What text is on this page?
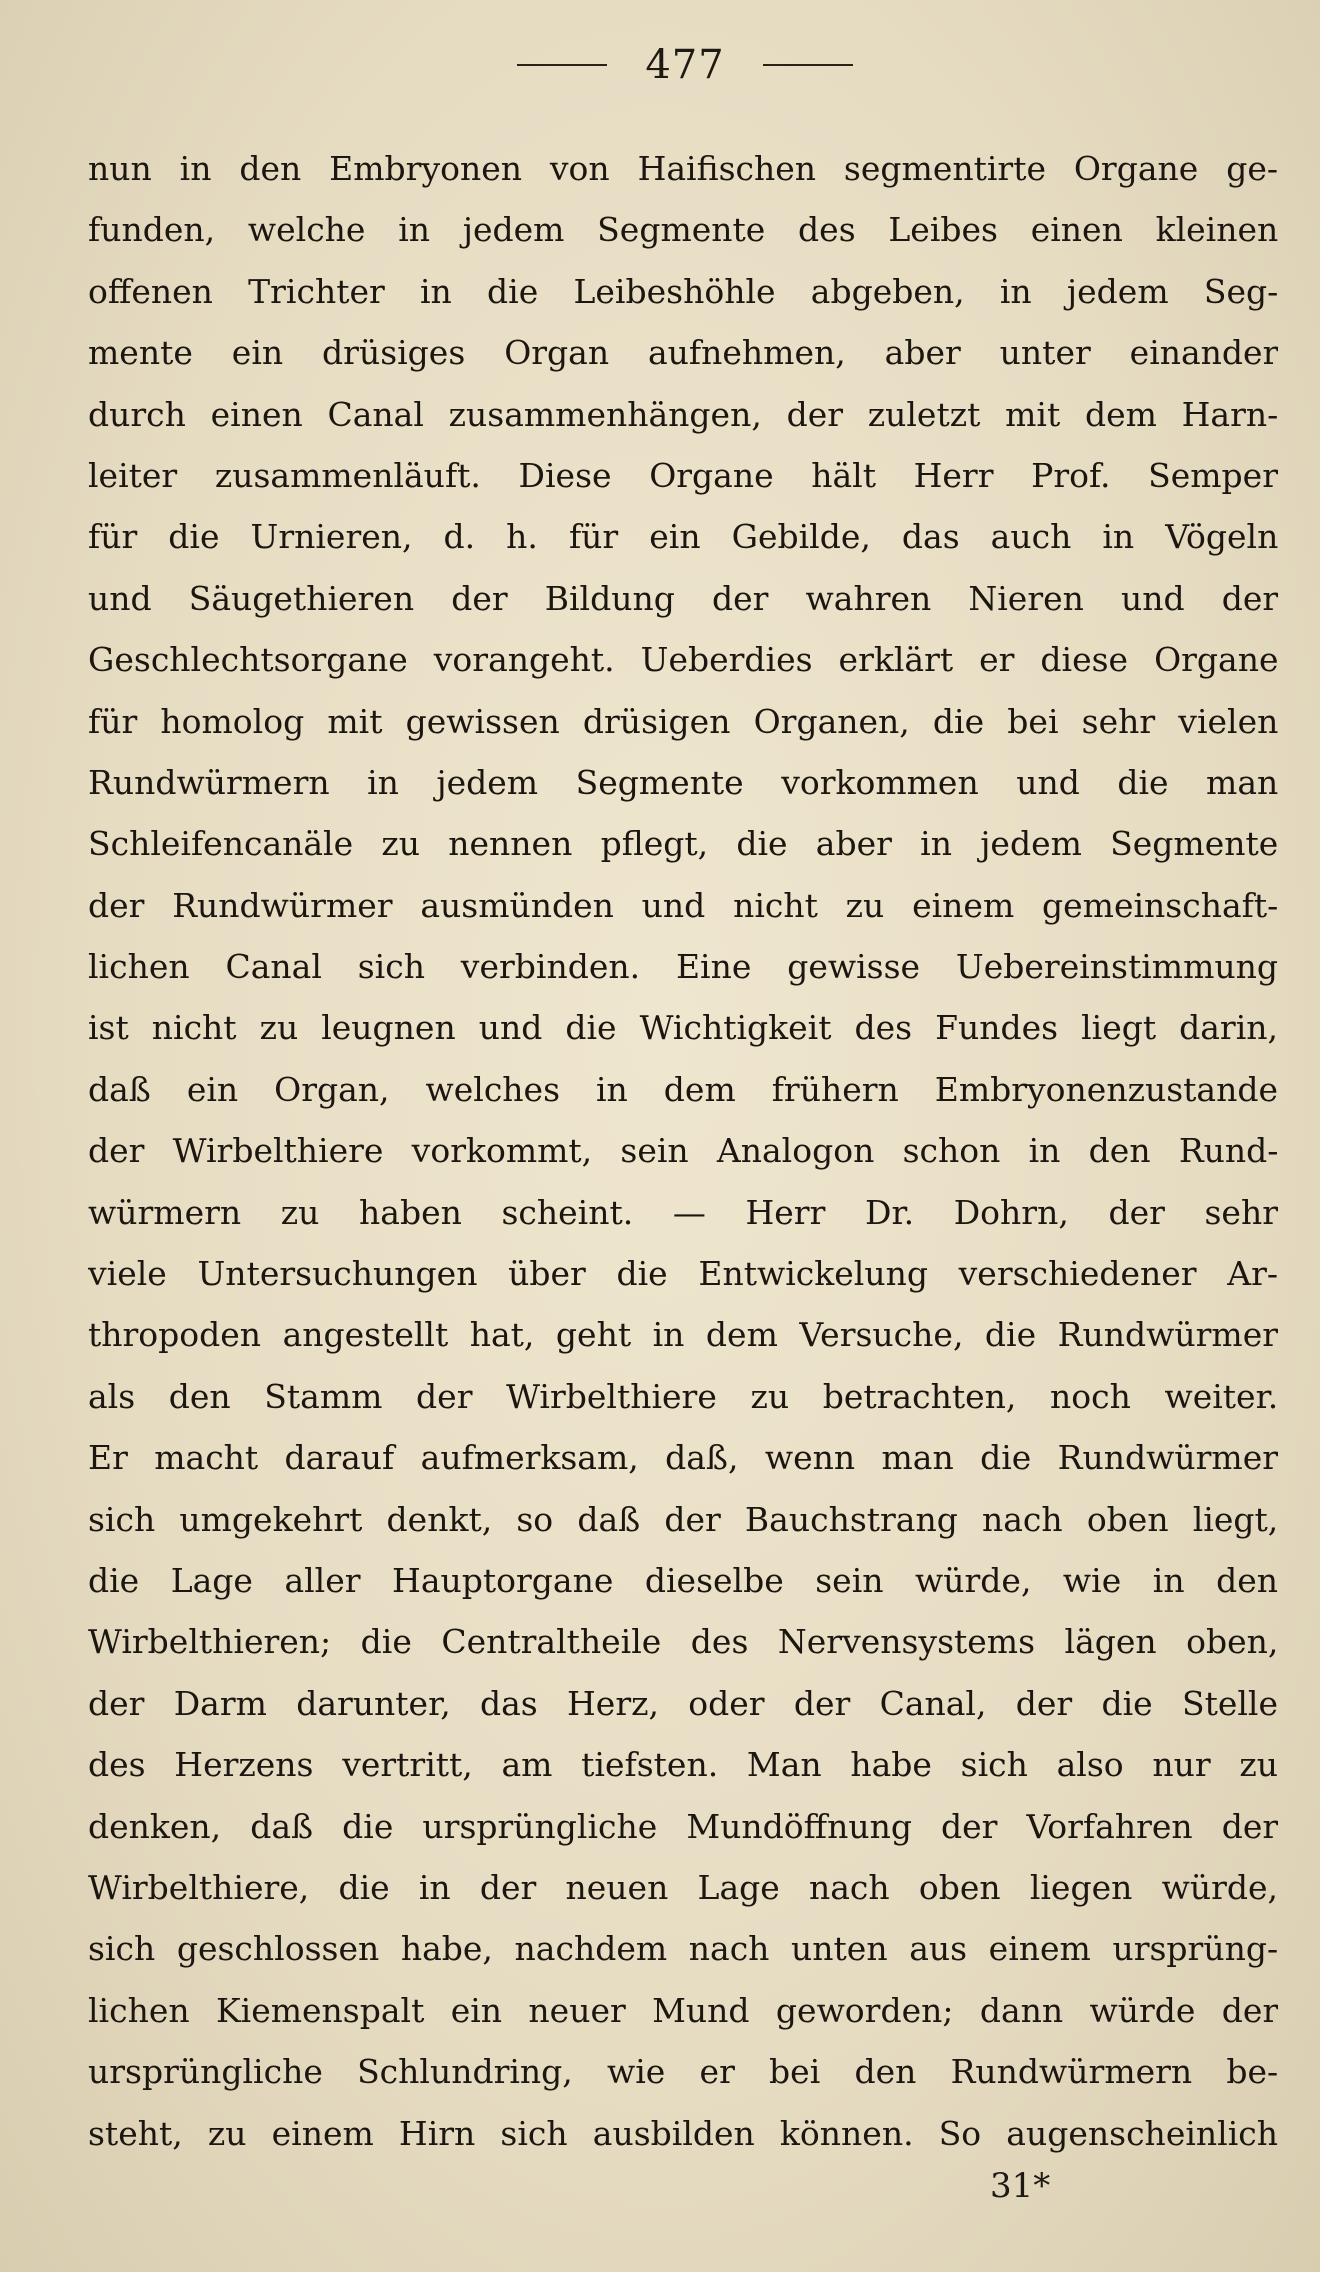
477
nun in den Embryonen von Haifischen segmentirte Organe ge-
funden, welche in jedem Segmente des Leibes einen kleinen
offenen Trichter in die Leibeshöhle abgeben, in jedem Seg-
mente ein drüsiges Organ aufnehmen, aber unter einander
durch einen Canal zusammenhängen, der zuletzt mit dem Harn-
leiter zusammenläuft. Diese Organe hält Herr Prof. Semper
für die Urnieren, d. h. für ein Gebilde, das auch in Vögeln
und Säugethieren der Bildung der wahren Nieren und der
Geschlechtsorgane vorangeht. Ueberdies erklärt er diese Organe
für homolog mit gewissen drüsigen Organen, die bei sehr vielen
Rundwürmern in jedem Segmente vorkommen und die man
Schleifencanäle zu nennen pflegt, die aber in jedem Segmente
der Rundwürmer ausmünden und nicht zu einem gemeinschaft-
lichen Canal sich verbinden. Eine gewisse Uebereinstimmung
ist nicht zu leugnen und die Wichtigkeit des Fundes liegt darin,
daß ein Organ, welches in dem frühern Embryonenzustande
der Wirbelthiere vorkommt, sein Analogon schon in den Rund-
würmern zu haben scheint. — Herr Dr. Dohrn, der sehr
viele Untersuchungen über die Entwickelung verschiedener Ar-
thropoden angestellt hat, geht in dem Versuche, die Rundwürmer
als den Stamm der Wirbelthiere zu betrachten, noch weiter.
Er macht darauf aufmerksam, daß, wenn man die Rundwürmer
sich umgekehrt denkt, so daß der Bauchstrang nach oben liegt,
die Lage aller Hauptorgane dieselbe sein würde, wie in den
Wirbelthieren; die Centraltheile des Nervensystems lägen oben,
der Darm darunter, das Herz, oder der Canal, der die Stelle
des Herzens vertritt, am tiefsten. Man habe sich also nur zu
denken, daß die ursprüngliche Mundöffnung der Vorfahren der
Wirbelthiere, die in der neuen Lage nach oben liegen würde,
sich geschlossen habe, nachdem nach unten aus einem ursprüng-
lichen Kiemenspalt ein neuer Mund geworden; dann würde der
ursprüngliche Schlundring, wie er bei den Rundwürmern be-
steht, zu einem Hirn sich ausbilden können. So augenscheinlich
31*
